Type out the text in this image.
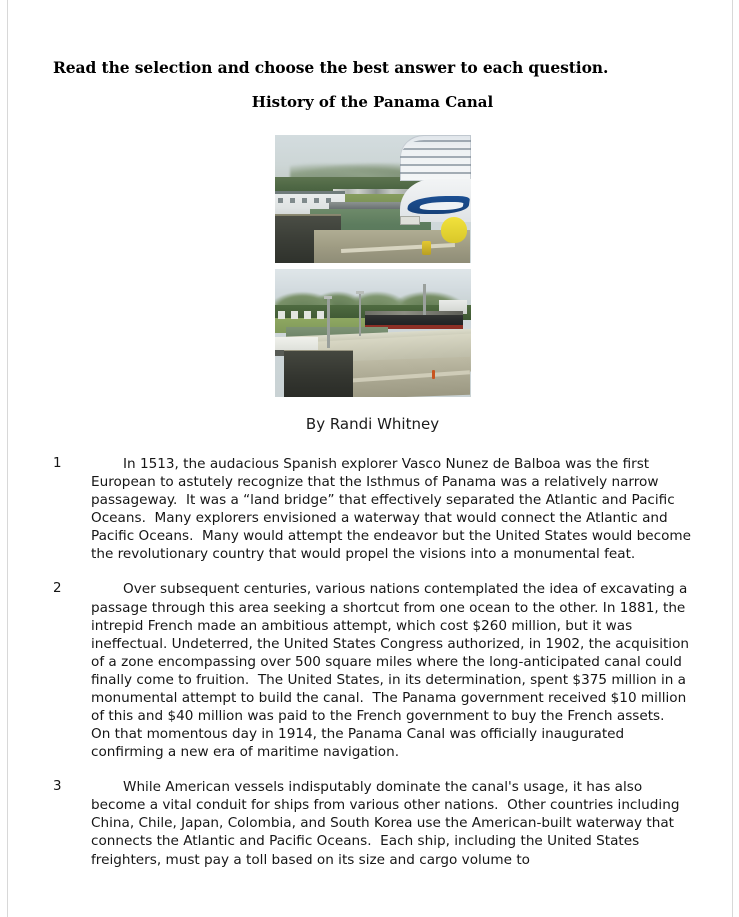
Read the selection and choose the best answer to each question.

History of the Panama Canal

By Randi Whitney

1	In 1513, the audacious Spanish explorer Vasco Nunez de Balboa was the first European to astutely recognize that the Isthmus of Panama was a relatively narrow passageway.  It was a “land bridge” that effectively separated the Atlantic and Pacific Oceans.  Many explorers envisioned a waterway that would connect the Atlantic and Pacific Oceans.  Many would attempt the endeavor but the United States would become the revolutionary country that would propel the visions into a monumental feat.
2	Over subsequent centuries, various nations contemplated the idea of excavating a passage through this area seeking a shortcut from one ocean to the other. In 1881, the intrepid French made an ambitious attempt, which cost $260 million, but it was ineffectual. Undeterred, the United States Congress authorized, in 1902, the acquisition of a zone encompassing over 500 square miles where the long-anticipated canal could finally come to fruition.  The United States, in its determination, spent $375 million in a monumental attempt to build the canal.  The Panama government received $10 million of this and $40 million was paid to the French government to buy the French assets.  On that momentous day in 1914, the Panama Canal was officially inaugurated confirming a new era of maritime navigation.
3	While American vessels indisputably dominate the canal's usage, it has also become a vital conduit for ships from various other nations.  Other countries including China, Chile, Japan, Colombia, and South Korea use the American-built waterway that connects the Atlantic and Pacific Oceans.  Each ship, including the United States freighters, must pay a toll based on its size and cargo volume to
